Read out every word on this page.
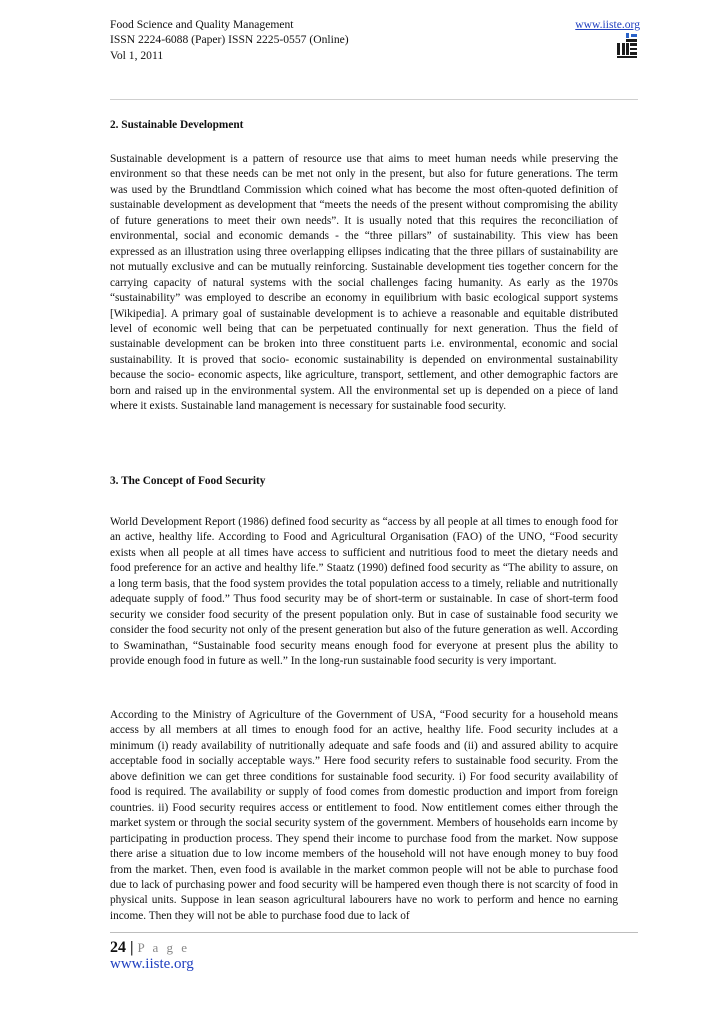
Food Science and Quality Management
ISSN 2224-6088 (Paper) ISSN 2225-0557 (Online)
Vol 1, 2011
www.iiste.org
2. Sustainable Development

Sustainable development is a pattern of resource use that aims to meet human needs while preserving the environment so that these needs can be met not only in the present, but also for future generations. The term was used by the Brundtland Commission which coined what has become the most often-quoted definition of sustainable development as development that “meets the needs of the present without compromising the ability of future generations to meet their own needs”. It is usually noted that this requires the reconciliation of environmental, social and economic demands - the “three pillars” of sustainability. This view has been expressed as an illustration using three overlapping ellipses indicating that the three pillars of sustainability are not mutually exclusive and can be mutually reinforcing. Sustainable development ties together concern for the carrying capacity of natural systems with the social challenges facing humanity. As early as the 1970s “sustainability” was employed to describe an economy in equilibrium with basic ecological support systems [Wikipedia]. A primary goal of sustainable development is to achieve a reasonable and equitable distributed level of economic well being that can be perpetuated continually for next generation. Thus the field of sustainable development can be broken into three constituent parts i.e. environmental, economic and social sustainability. It is proved that socio- economic sustainability is depended on environmental sustainability because the socio- economic aspects, like agriculture, transport, settlement, and other demographic factors are born and raised up in the environmental system. All the environmental set up is depended on a piece of land where it exists. Sustainable land management is necessary for sustainable food security.

3. The Concept of Food Security

World Development Report (1986) defined food security as “access by all people at all times to enough food for an active, healthy life. According to Food and Agricultural Organisation (FAO) of the UNO, “Food security exists when all people at all times have access to sufficient and nutritious food to meet the dietary needs and food preference for an active and healthy life.” Staatz (1990) defined food security as “The ability to assure, on a long term basis, that the food system provides the total population access to a timely, reliable and nutritionally adequate supply of food.” Thus food security may be of short-term or sustainable. In case of short-term food security we consider food security of the present population only. But in case of sustainable food security we consider the food security not only of the present generation but also of the future generation as well. According to Swaminathan, “Sustainable food security means enough food for everyone at present plus the ability to provide enough food in future as well.” In the long-run sustainable food security is very important.

According to the Ministry of Agriculture of the Government of USA, “Food security for a household means access by all members at all times to enough food for an active, healthy life. Food security includes at a minimum (i) ready availability of nutritionally adequate and safe foods and (ii) and assured ability to acquire acceptable food in socially acceptable ways.” Here food security refers to sustainable food security. From the above definition we can get three conditions for sustainable food security. i) For food security availability of food is required. The availability or supply of food comes from domestic production and import from foreign countries. ii) Food security requires access or entitlement to food. Now entitlement comes either through the market system or through the social security system of the government. Members of households earn income by participating in production process. They spend their income to purchase food from the market. Now suppose there arise a situation due to low income members of the household will not have enough money to buy food from the market. Then, even food is available in the market common people will not be able to purchase food due to lack of purchasing power and food security will be hampered even though there is not scarcity of food in physical units. Suppose in lean season agricultural labourers have no work to perform and hence no earning income. Then they will not be able to purchase food due to lack of

24 | P a g e
www.iiste.org
